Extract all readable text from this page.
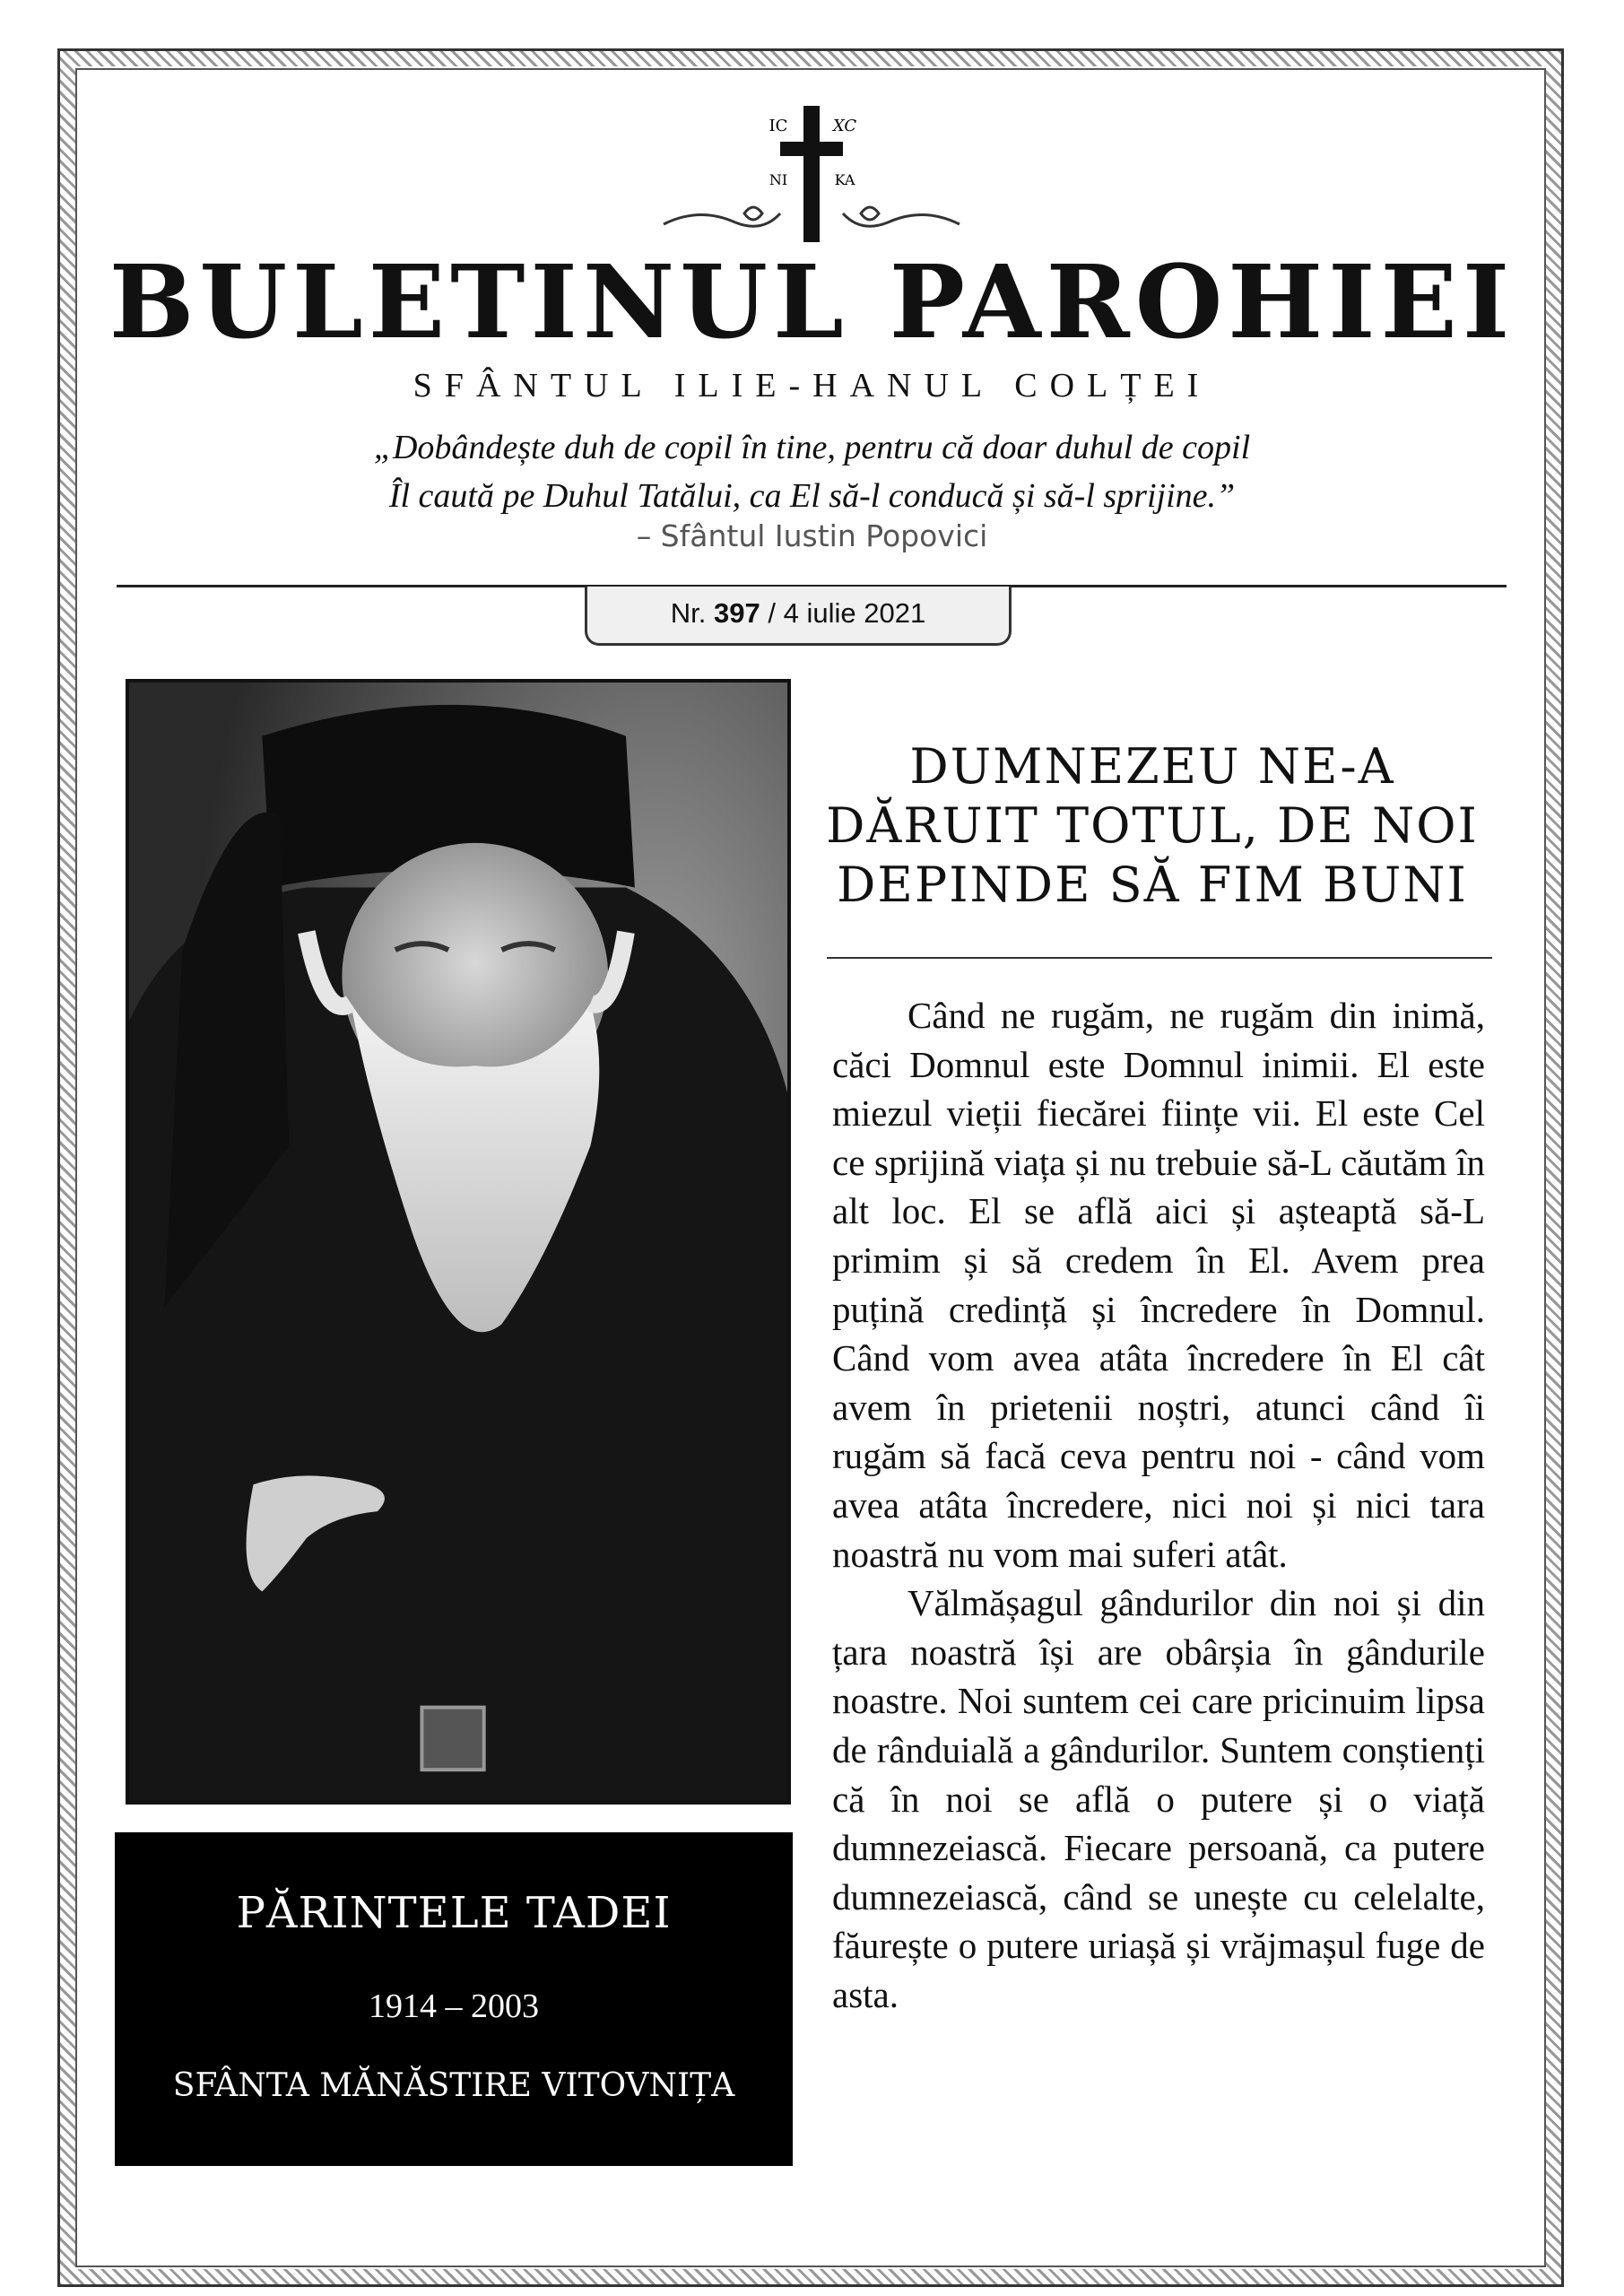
IC	XC
NI	KA
BULETINUL PAROHIEI
SFÂNTUL ILIE-HANUL COLȚEI
„Dobândește duh de copil în tine, pentru că doar duhul de copil
Îl caută pe Duhul Tatălui, ca El să-l conducă și să-l sprijine.”
– Sfântul Iustin Popovici
Nr. 397 / 4 iulie 2021
PĂRINTELE TADEI
1914 – 2003
SFÂNTA MĂNĂSTIRE VITOVNIȚA
DUMNEZEU NE-A
DĂRUIT TOTUL, DE NOI
DEPINDE SĂ FIM BUNI

Când ne rugăm, ne rugăm din inimă, căci Domnul este Domnul inimii. El este miezul vieții fiecărei ființe vii. El este Cel ce sprijină viața și nu trebuie să-L căutăm în alt loc. El se află aici și așteaptă să-L primim și să credem în El. Avem prea puțină credință și încredere în Domnul. Când vom avea atâta încredere în El cât avem în prietenii noștri, atunci când îi rugăm să facă ceva pentru noi - când vom avea atâta încredere, nici noi și nici tara noastră nu vom mai suferi atât.

Vălmășagul gândurilor din noi și din țara noastră își are obârșia în gândurile noastre. Noi suntem cei care pricinuim lipsa de rânduială a gândurilor. Suntem conștienți că în noi se află o putere și o viață dumnezeiască. Fiecare persoană, ca putere dumnezeiască, când se unește cu celelalte, făurește o putere uriașă și vrăjmașul fuge de asta.
